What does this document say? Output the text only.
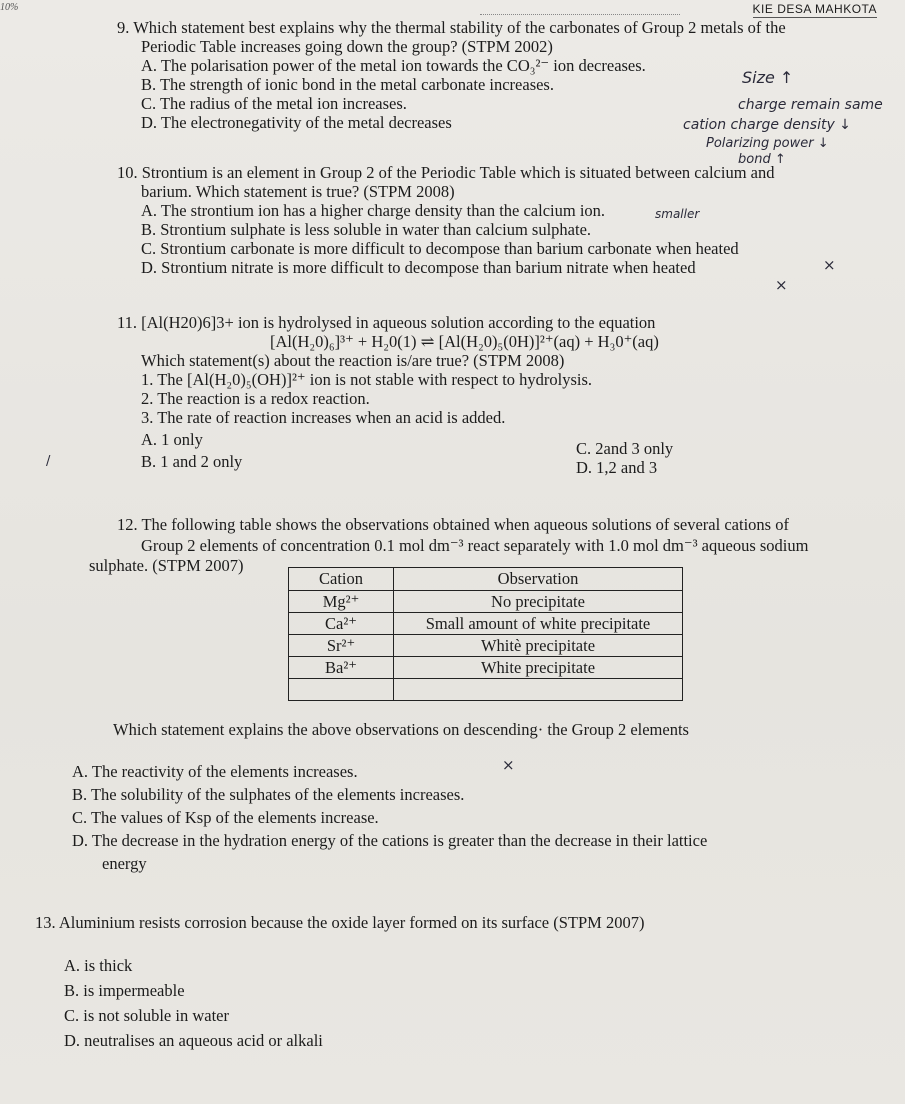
10%	KIE DESA MAHKOTA

9. Which statement best explains why the thermal stability of the carbonates of Group 2 metals of the

Periodic Table increases going down the group? (STPM 2002)

A. The polarisation power of the metal ion towards the CO₃²⁻ ion decreases.

B. The strength of ionic bond in the metal carbonate increases.

C. The radius of the metal ion increases.

D. The electronegativity of the metal decreases

10. Strontium is an element in Group 2 of the Periodic Table which is situated between calcium and

barium. Which statement is true? (STPM 2008)

A. The strontium ion has a higher charge density than the calcium ion.

B. Strontium sulphate is less soluble in water than calcium sulphate.

C. Strontium carbonate is more difficult to decompose than barium carbonate when heated

D. Strontium nitrate is more difficult to decompose than barium nitrate when heated

11. [Al(H20)6]3+ ion is hydrolysed in aqueous solution according to the equation

[Al(H₂0)₆]³⁺ + H₂0(1) ⇌ [Al(H₂0)₅(0H)]²⁺(aq) + H₃0⁺(aq)

Which statement(s) about the reaction is/are true? (STPM 2008)

1. The [Al(H₂0)₅(OH)]²⁺ ion is not stable with respect to hydrolysis.

2. The reaction is a redox reaction.

3. The rate of reaction increases when an acid is added.

A. 1 only	C. 2and 3 only
B. 1 and 2 only	D. 1,2 and 3

12. The following table shows the observations obtained when aqueous solutions of several cations of

Group 2 elements of concentration 0.1 mol dm⁻³ react separately with 1.0 mol dm⁻³ aqueous sodium

sulphate. (STPM 2007)

Cation	Observation
Mg²⁺	No precipitate
Ca²⁺	Small amount of white precipitate
Sr²⁺	Whitè precipitate
Ba²⁺	White precipitate

Which statement explains the above observations on descending· the Group 2 elements

A. The reactivity of the elements increases.

B. The solubility of the sulphates of the elements increases.

C. The values of Ksp of the elements increase.

D. The decrease in the hydration energy of the cations is greater than the decrease in their lattice

energy

13. Aluminium resists corrosion because the oxide layer formed on its surface (STPM 2007)

A. is thick

B. is impermeable

C. is not soluble in water

D. neutralises an aqueous acid or alkali

Size ↑
charge remain same
cation charge density ↓
Polarizing power ↓
bond ↑
smaller
×
×
×
/
